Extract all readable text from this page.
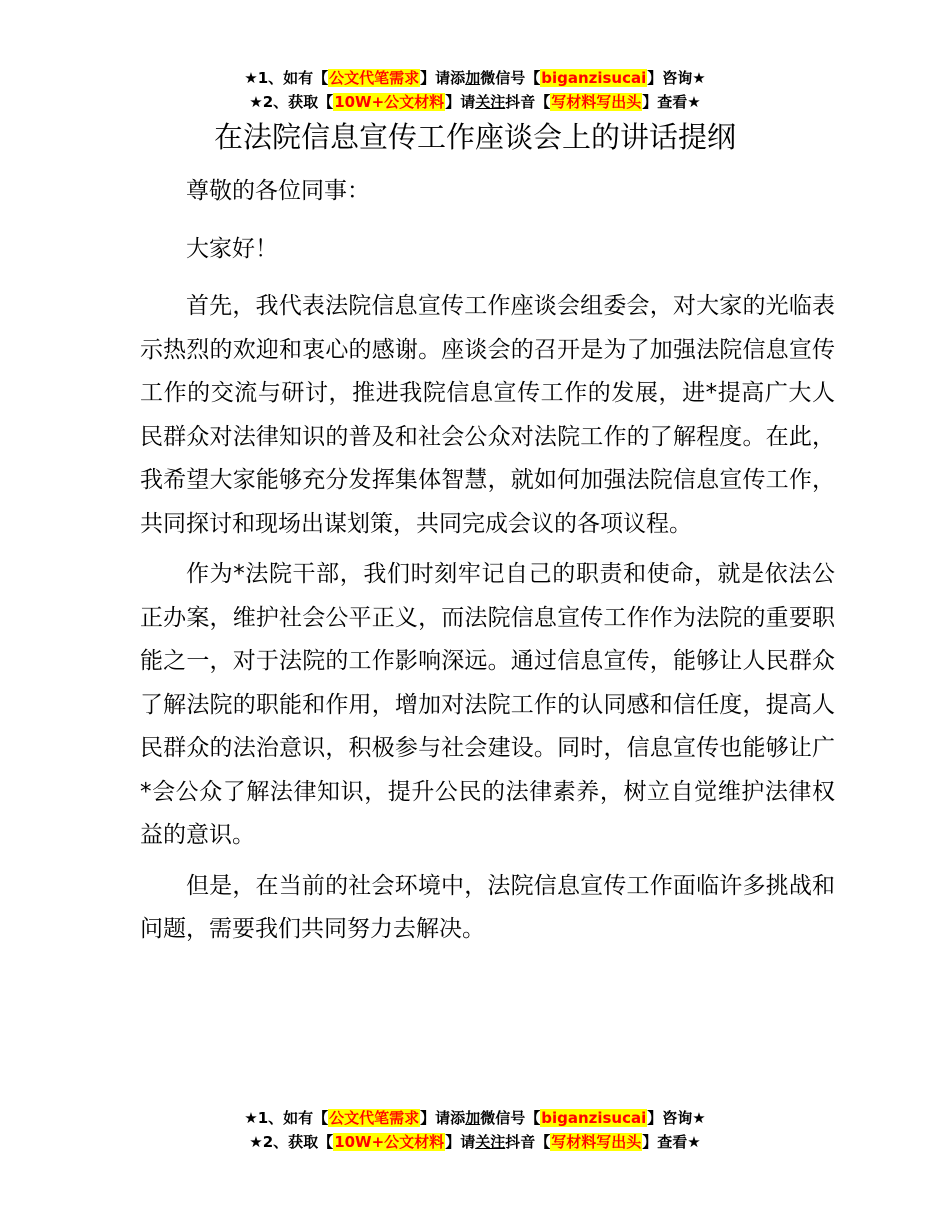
★1、如有【公文代笔需求】请添加微信号【biganzisucai】咨询★
★2、获取【10W+公文材料】请关注抖音【写材料写出头】查看★
在法院信息宣传工作座谈会上的讲话提纲

尊敬的各位同事：

大家好！

首先，我代表法院信息宣传工作座谈会组委会，对大家的光临表示热烈的欢迎和衷心的感谢。座谈会的召开是为了加强法院信息宣传工作的交流与研讨，推进我院信息宣传工作的发展，进*提高广大人民群众对法律知识的普及和社会公众对法院工作的了解程度。在此，我希望大家能够充分发挥集体智慧，就如何加强法院信息宣传工作，共同探讨和现场出谋划策，共同完成会议的各项议程。

作为*法院干部，我们时刻牢记自己的职责和使命，就是依法公正办案，维护社会公平正义，而法院信息宣传工作作为法院的重要职能之一，对于法院的工作影响深远。通过信息宣传，能够让人民群众了解法院的职能和作用，增加对法院工作的认同感和信任度，提高人民群众的法治意识，积极参与社会建设。同时，信息宣传也能够让广*会公众了解法律知识，提升公民的法律素养，树立自觉维护法律权益的意识。

但是，在当前的社会环境中，法院信息宣传工作面临许多挑战和问题，需要我们共同努力去解决。

★1、如有【公文代笔需求】请添加微信号【biganzisucai】咨询★
★2、获取【10W+公文材料】请关注抖音【写材料写出头】查看★
